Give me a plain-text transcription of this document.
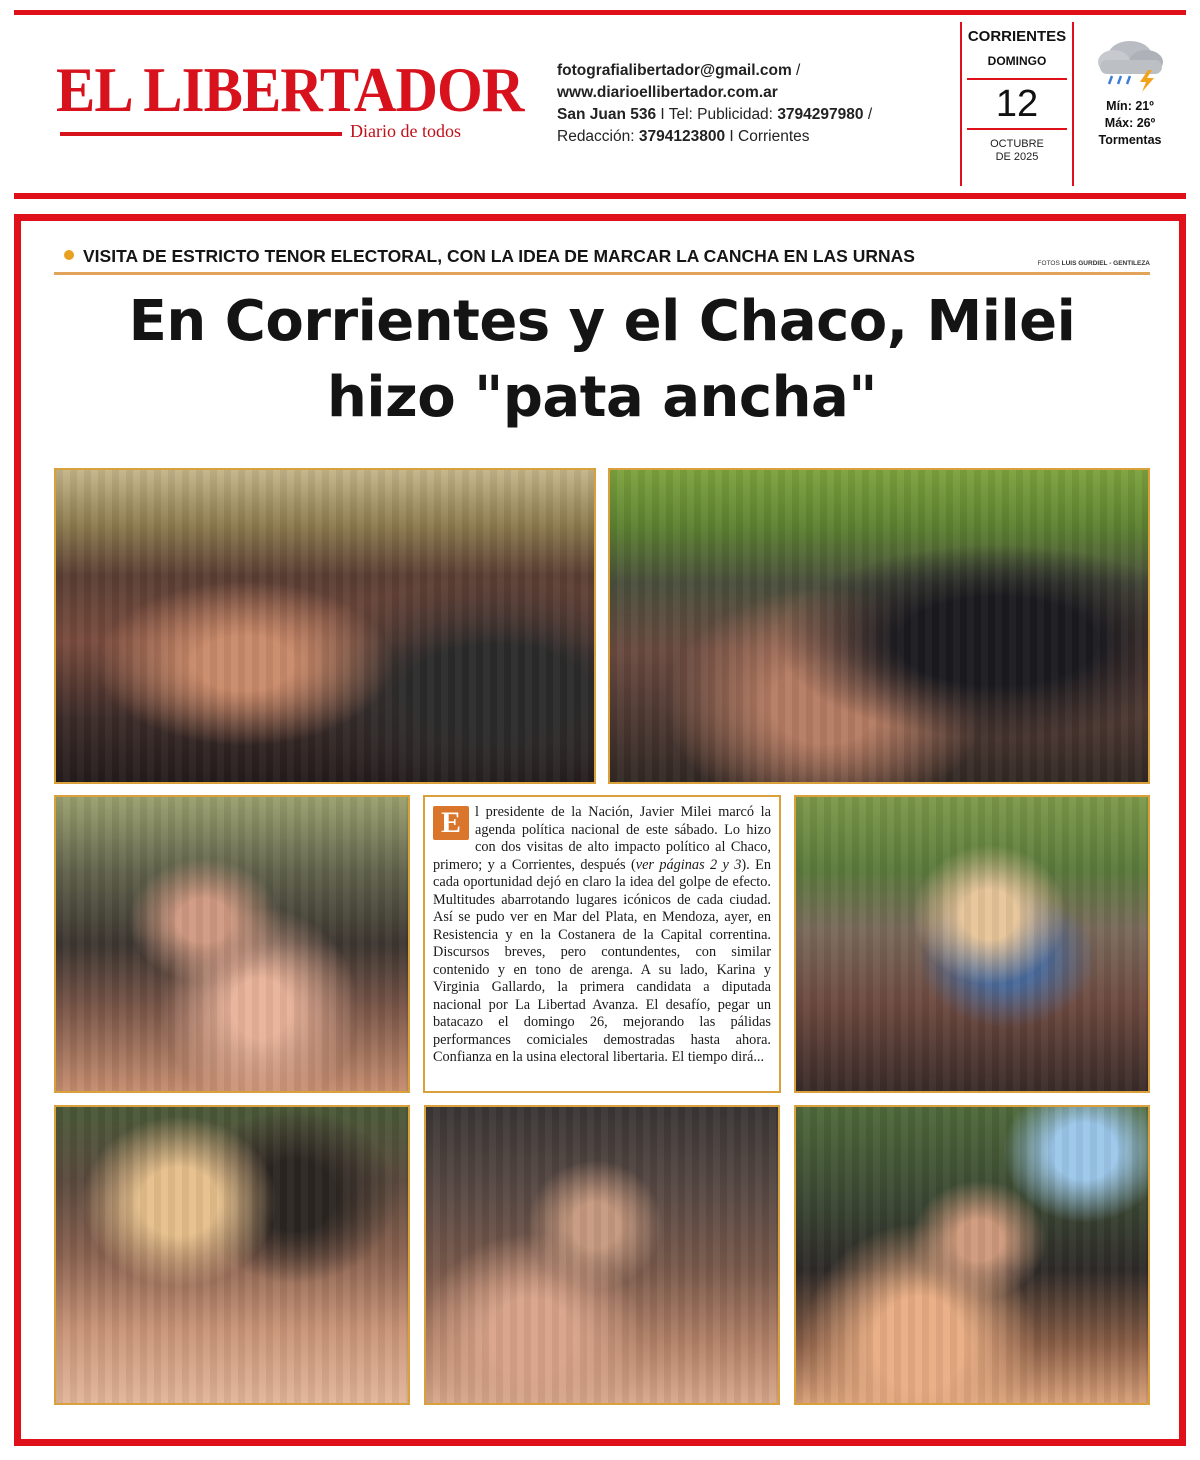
EL LIBERTADOR
Diario de todos
fotografialibertador@gmail.com /
www.diarioellibertador.com.ar
San Juan 536 I Tel: Publicidad: 3794297980 /
Redacción: 3794123800 I Corrientes
CORRIENTES
DOMINGO
12
OCTUBRE
DE 2025
Mín: 21º
Máx: 26º
Tormentas
VISITA DE ESTRICTO TENOR ELECTORAL, CON LA IDEA DE MARCAR LA CANCHA EN LAS URNAS	FOTOS LUIS GURDIEL - GENTILEZA
En Corrientes y el Chaco, Milei
hizo "pata ancha"
E l presidente de la Nación, Javier Milei marcó la agenda política nacional de este sábado. Lo hizo con dos visitas de alto impacto político al Chaco, primero; y a Corrientes, después (ver páginas 2 y 3). En cada oportunidad dejó en claro la idea del golpe de efecto. Multitudes abarrotando lugares icónicos de cada ciudad. Así se pudo ver en Mar del Plata, en Mendoza, ayer, en Resistencia y en la Costanera de la Capital correntina. Discursos breves, pero contundentes, con similar contenido y en tono de arenga. A su lado, Karina y Virginia Gallardo, la primera candidata a diputada nacional por La Libertad Avanza. El desafío, pegar un batacazo el domingo 26, mejorando las pálidas performances comiciales demostradas hasta ahora. Confianza en la usina electoral libertaria. El tiempo dirá...
